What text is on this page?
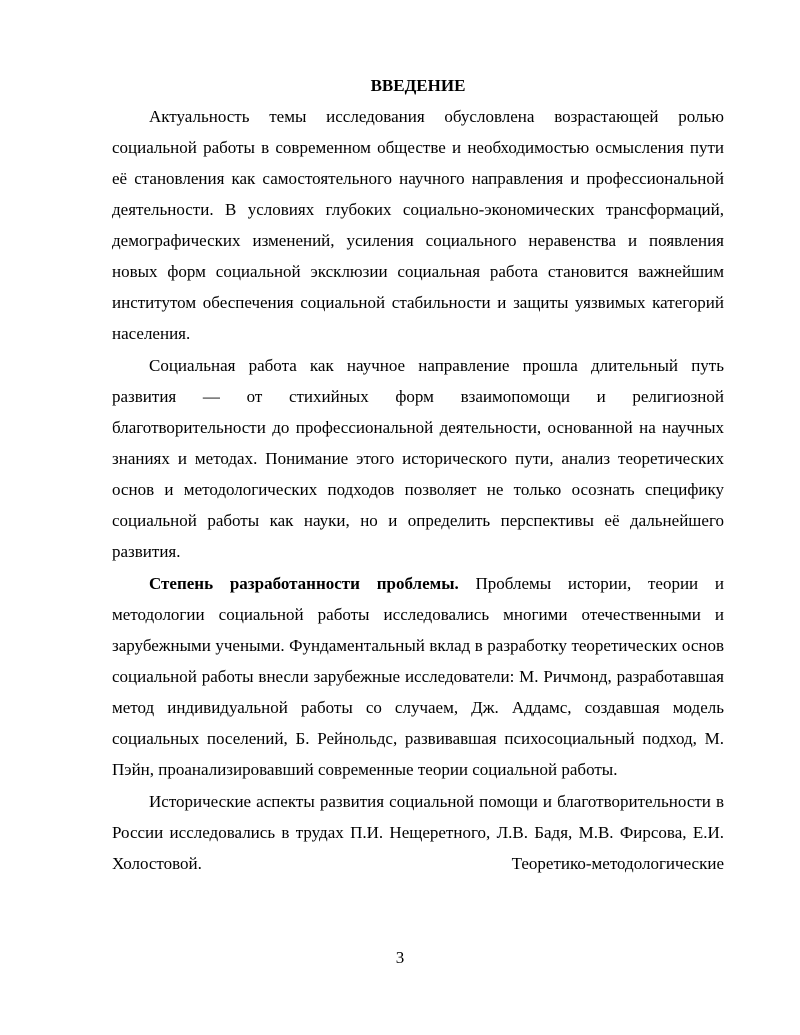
ВВЕДЕНИЕ

Актуальность темы исследования обусловлена возрастающей ролью социальной работы в современном обществе и необходимостью осмысления пути её становления как самостоятельного научного направления и профессиональной деятельности. В условиях глубоких социально-экономических трансформаций, демографических изменений, усиления социального неравенства и появления новых форм социальной эксклюзии социальная работа становится важнейшим институтом обеспечения социальной стабильности и защиты уязвимых категорий населения.

Социальная работа как научное направление прошла длительный путь развития — от стихийных форм взаимопомощи и религиозной благотворительности до профессиональной деятельности, основанной на научных знаниях и методах. Понимание этого исторического пути, анализ теоретических основ и методологических подходов позволяет не только осознать специфику социальной работы как науки, но и определить перспективы её дальнейшего развития.

Степень разработанности проблемы. Проблемы истории, теории и методологии социальной работы исследовались многими отечественными и зарубежными учеными. Фундаментальный вклад в разработку теоретических основ социальной работы внесли зарубежные исследователи: М. Ричмонд, разработавшая метод индивидуальной работы со случаем, Дж. Аддамс, создавшая модель социальных поселений, Б. Рейнольдс, развивавшая психосоциальный подход, М. Пэйн, проанализировавший современные теории социальной работы.

Исторические аспекты развития социальной помощи и благотворительности в России исследовались в трудах П.И. Нещеретного, Л.В. Бадя, М.В. Фирсова, Е.И. Холостовой. Теоретико-методологические

3
